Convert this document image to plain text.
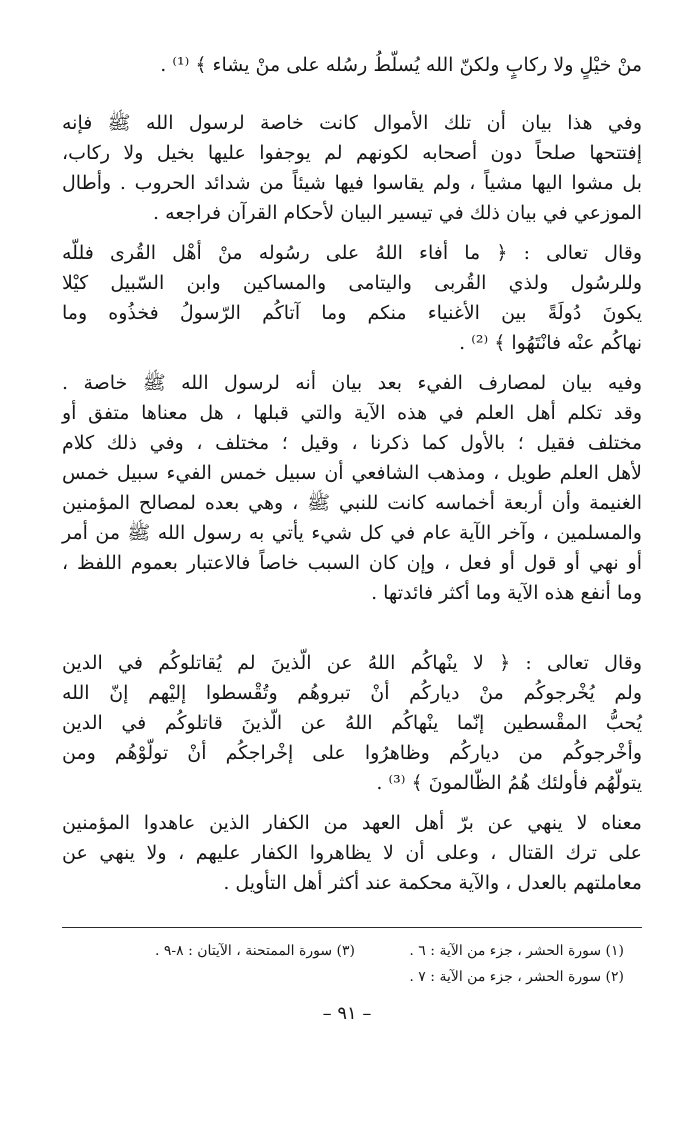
منْ خيْلٍ ولا ركابٍ ولكنّ الله يُسلّطُ رسُله على منْ يشاء ﴾ ⁽¹⁾ .
وفي هذا بيان أن تلك الأموال كانت خاصة لرسول الله ﷺ فإنه
إفتتحها صلحاً دون أصحابه لكونهم لم يوجفوا عليها بخيل ولا ركاب،
بل مشوا اليها مشياً ، ولم يقاسوا فيها شيئاً من شدائد الحروب . وأطال
الموزعي في بيان ذلك في تيسير البيان لأحكام القرآن فراجعه .
وقال تعالى : ﴿ ما أفاء اللهُ على رسُوله منْ أهْل القُرى فللّه
وللرسُول ولذي القُربى واليتامى والمساكين وابن السّبيل كيْلا
يكونَ دُولَةً بين الأغنياء منكم وما آتاكُم الرّسولُ فخذُوه وما
نهاكُم عنْه فانْتَهُوا ﴾ ⁽²⁾ .
وفيه بيان لمصارف الفيء بعد بيان أنه لرسول الله ﷺ خاصة .
وقد تكلم أهل العلم في هذه الآية والتي قبلها ، هل معناها متفق أو
مختلف فقيل ؛ بالأول كما ذكرنا ، وقيل ؛ مختلف ، وفي ذلك كلام
لأهل العلم طويل ، ومذهب الشافعي أن سبيل خمس الفيء سبيل خمس
الغنيمة وأن أربعة أخماسه كانت للنبي ﷺ ، وهي بعده لمصالح المؤمنين
والمسلمين ، وآخر الآية عام في كل شيء يأتي به رسول الله ﷺ من أمر
أو نهي أو قول أو فعل ، وإن كان السبب خاصاً فالاعتبار بعموم اللفظ ،
وما أنفع هذه الآية وما أكثر فائدتها .
وقال تعالى : ﴿ لا ينْهاكُم اللهُ عن الّذينَ لم يُقاتلوكُم في الدين
ولم يُخْرجوكُم منْ دياركُم أنْ تبروهُم وتُقْسطوا إليْهم إنّ الله
يُحبُّ المقْسطين إنّما ينْهاكُم اللهُ عن الّذينَ قاتلوكُم في الدين
وأخْرجوكُم من دياركُم وظاهرُوا على إخْراجكُم أنْ تولّوْهُم ومن
يتولّهُم فأولئك هُمُ الظّالمونَ ﴾ ⁽³⁾ .
معناه لا ينهي عن برّ أهل العهد من الكفار الذين عاهدوا المؤمنين
على ترك القتال ، وعلى أن لا يظاهروا الكفار عليهم ، ولا ينهي عن
معاملتهم بالعدل ، والآية محكمة عند أكثر أهل التأويل .
(١) سورة الحشر ، جزء من الآية : ٦ .
(٣) سورة الممتحنة ، الآيتان : ٨-٩ .
(٢) سورة الحشر ، جزء من الآية : ٧ .
– ٩١ –
